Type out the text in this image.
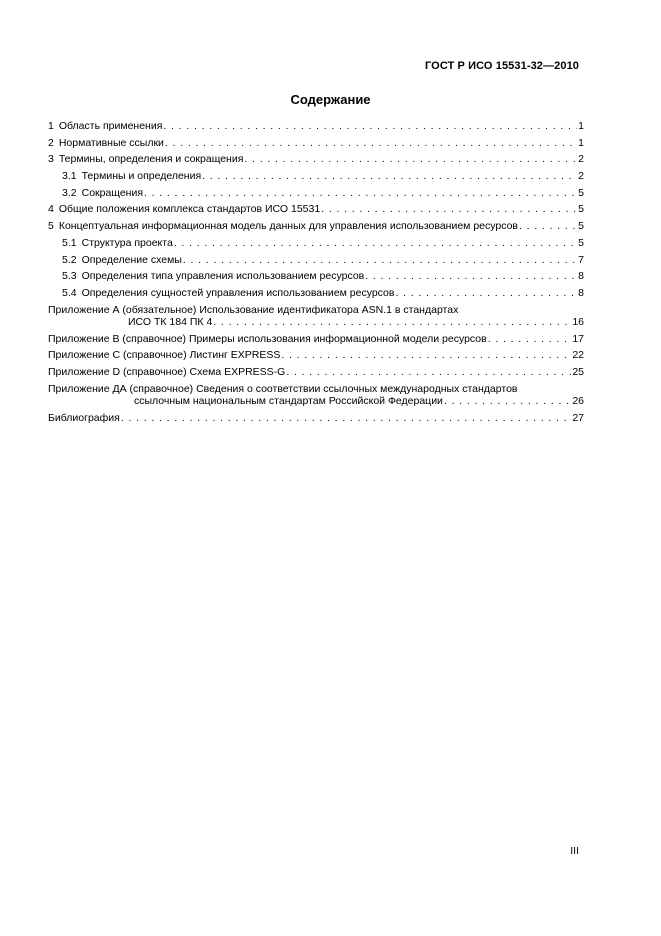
ГОСТ Р ИСО 15531-32—2010
Содержание
1 Область применения . . .	1
2 Нормативные ссылки . . .	1
3 Термины, определения и сокращения . . .	2
3.1 Термины и определения . . .	2
3.2 Сокращения . . .	5
4 Общие положения комплекса стандартов ИСО 15531 . . .	5
5 Концептуальная информационная модель данных для управления использованием ресурсов . . .	5
5.1 Структура проекта . . .	5
5.2 Определение схемы . . .	7
5.3 Определения типа управления использованием ресурсов . . .	8
5.4 Определения сущностей управления использованием ресурсов . . .	8
Приложение А (обязательное) Использование идентификатора ASN.1 в стандартах
ИСО ТК 184 ПК 4 . . .	16
Приложение В (справочное) Примеры использования информационной модели ресурсов . . .	17
Приложение С (справочное) Листинг EXPRESS . . .	22
Приложение D (справочное) Схема EXPRESS-G . . .	25
Приложение ДА (справочное) Сведения о соответствии ссылочных международных стандартов
ссылочным национальным стандартам Российской Федерации . . .	26
Библиография . . .	27
III
